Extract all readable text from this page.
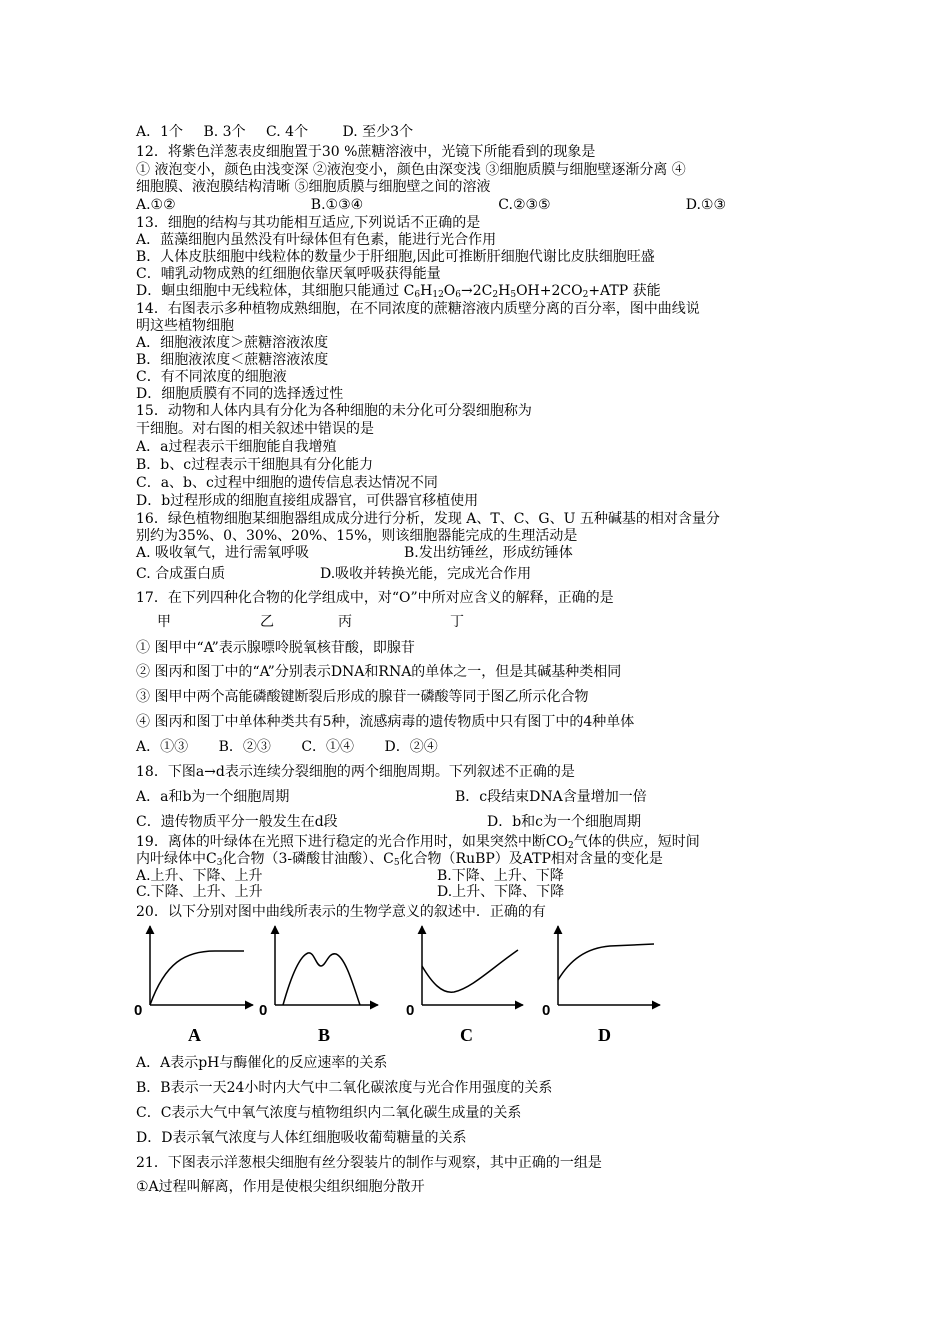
A．1个 B. 3个 C. 4个 D. 至少3个
12．将紫色洋葱表皮细胞置于30 %蔗糖溶液中，光镜下所能看到的现象是
① 液泡变小，颜色由浅变深 ②液泡变小，颜色由深变浅 ③细胞质膜与细胞壁逐渐分离 ④
细胞膜、液泡膜结构清晰 ⑤细胞质膜与细胞壁之间的溶液
A.①②	B.①③④	C.②③⑤	D.①③
13．细胞的结构与其功能相互适应,下列说话不正确的是
A．蓝藻细胞内虽然没有叶绿体但有色素，能进行光合作用
B．人体皮肤细胞中线粒体的数量少于肝细胞,因此可推断肝细胞代谢比皮肤细胞旺盛
C．哺乳动物成熟的红细胞依靠厌氧呼吸获得能量
D．蛔虫细胞中无线粒体，其细胞只能通过 $C_6H_{12}O_6\to 2C_2H_5OH+2CO_2+ATP$ 获能
14．右图表示多种植物成熟细胞，在不同浓度的蔗糖溶液内质壁分离的百分率，图中曲线说
明这些植物细胞
A．细胞液浓度＞蔗糖溶液浓度
B．细胞液浓度＜蔗糖溶液浓度
C．有不同浓度的细胞液
D．细胞质膜有不同的选择透过性
15．动物和人体内具有分化为各种细胞的未分化可分裂细胞称为
干细胞。对右图的相关叙述中错误的是
A．a过程表示干细胞能自我增殖
B．b、c过程表示干细胞具有分化能力
C．a、b、c过程中细胞的遗传信息表达情况不同
D．b过程形成的细胞直接组成器官，可供器官移植使用
16．绿色植物细胞某细胞器组成成分进行分析，发现 A、T、C、G、U 五种碱基的相对含量分
别约为35%、0、30%、20%、15%，则该细胞器能完成的生理活动是
A. 吸收氧气，进行需氧呼吸	B.发出纺锤丝，形成纺锤体
C. 合成蛋白质	D.吸收并转换光能，完成光合作用
17．在下列四种化合物的化学组成中，对“O”中所对应含义的解释，正确的是
甲	乙	丙	丁
① 图甲中“A”表示腺嘌呤脱氧核苷酸，即腺苷
② 图丙和图丁中的“A”分别表示DNA和RNA的单体之一，但是其碱基种类相同
③ 图甲中两个高能磷酸键断裂后形成的腺苷一磷酸等同于图乙所示化合物
④ 图丙和图丁中单体种类共有5种，流感病毒的遗传物质中只有图丁中的4种单体
A．①③ B．②③ C．①④ D．②④
18．下图a→d表示连续分裂细胞的两个细胞周期。下列叙述不正确的是
A．a和b为一个细胞周期	B．c段结束DNA含量增加一倍
C．遗传物质平分一般发生在d段	D．b和c为一个细胞周期
19．离体的叶绿体在光照下进行稳定的光合作用时，如果突然中断$CO_2$气体的供应，短时间
内叶绿体中$C_3$化合物（3-磷酸甘油酸）、$C_5$化合物（RuBP）及ATP相对含量的变化是
A.上升、下降、上升	B.下降、上升、下降
C.下降、上升、上升	D.上升、下降、下降
20．以下分别对图中曲线所表示的生物学意义的叙述中．正确的有
0
A
0
B
0
C
0
D
A．A表示pH与酶催化的反应速率的关系
B．B表示一天24小时内大气中二氧化碳浓度与光合作用强度的关系
C．C表示大气中氧气浓度与植物组织内二氧化碳生成量的关系
D．D表示氧气浓度与人体红细胞吸收葡萄糖量的关系
21．下图表示洋葱根尖细胞有丝分裂装片的制作与观察，其中正确的一组是
①A过程叫解离，作用是使根尖组织细胞分散开
